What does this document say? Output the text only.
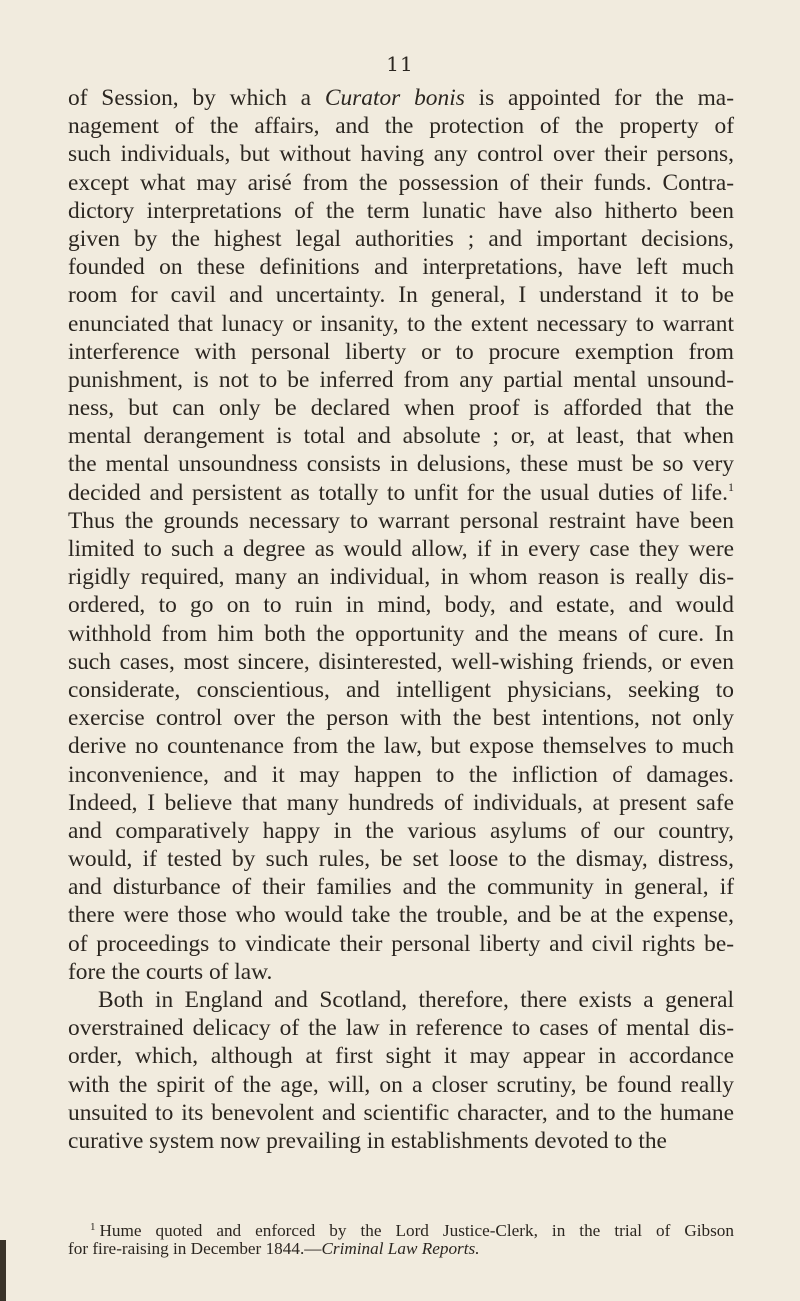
11
of Session, by which a Curator bonis is appointed for the ma-
nagement of the affairs, and the protection of the property of
such individuals, but without having any control over their persons,
except what may arisé from the possession of their funds. Contra-
dictory interpretations of the term lunatic have also hitherto been
given by the highest legal authorities ; and important decisions,
founded on these definitions and interpretations, have left much
room for cavil and uncertainty. In general, I understand it to be
enunciated that lunacy or insanity, to the extent necessary to warrant
interference with personal liberty or to procure exemption from
punishment, is not to be inferred from any partial mental unsound-
ness, but can only be declared when proof is afforded that the
mental derangement is total and absolute ; or, at least, that when
the mental unsoundness consists in delusions, these must be so very
decided and persistent as totally to unfit for the usual duties of life.$^1$
Thus the grounds necessary to warrant personal restraint have been
limited to such a degree as would allow, if in every case they were
rigidly required, many an individual, in whom reason is really dis-
ordered, to go on to ruin in mind, body, and estate, and would
withhold from him both the opportunity and the means of cure. In
such cases, most sincere, disinterested, well-wishing friends, or even
considerate, conscientious, and intelligent physicians, seeking to
exercise control over the person with the best intentions, not only
derive no countenance from the law, but expose themselves to much
inconvenience, and it may happen to the infliction of damages.
Indeed, I believe that many hundreds of individuals, at present safe
and comparatively happy in the various asylums of our country,
would, if tested by such rules, be set loose to the dismay, distress,
and disturbance of their families and the community in general, if
there were those who would take the trouble, and be at the expense,
of proceedings to vindicate their personal liberty and civil rights be-
fore the courts of law.
Both in England and Scotland, therefore, there exists a general
overstrained delicacy of the law in reference to cases of mental dis-
order, which, although at first sight it may appear in accordance
with the spirit of the age, will, on a closer scrutiny, be found really
unsuited to its benevolent and scientific character, and to the humane
curative system now prevailing in establishments devoted to the
$^1$ Hume quoted and enforced by the Lord Justice-Clerk, in the trial of Gibson
for fire-raising in December 1844.—Criminal Law Reports.
